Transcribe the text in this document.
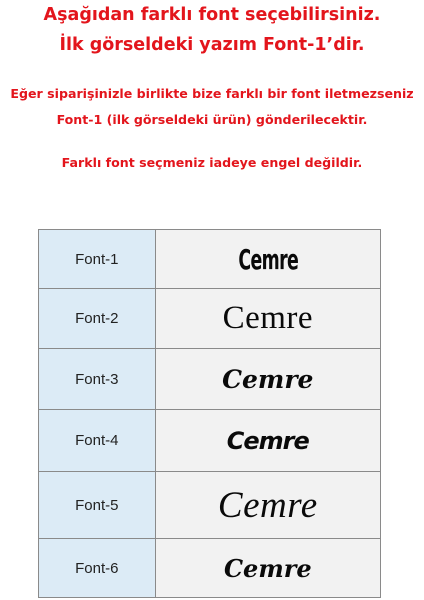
Aşağıdan farklı font seçebilirsiniz.
İlk görseldeki yazım Font-1’dir.
Eğer siparişinizle birlikte bize farklı bir font iletmezseniz
Font-1 (ilk görseldeki ürün) gönderilecektir.
Farklı font seçmeniz iadeye engel değildir.
Font-1	Cemre
Font-2	Cemre
Font-3	Cemre
Font-4	Cemre
Font-5	Cemre
Font-6	Cemre
